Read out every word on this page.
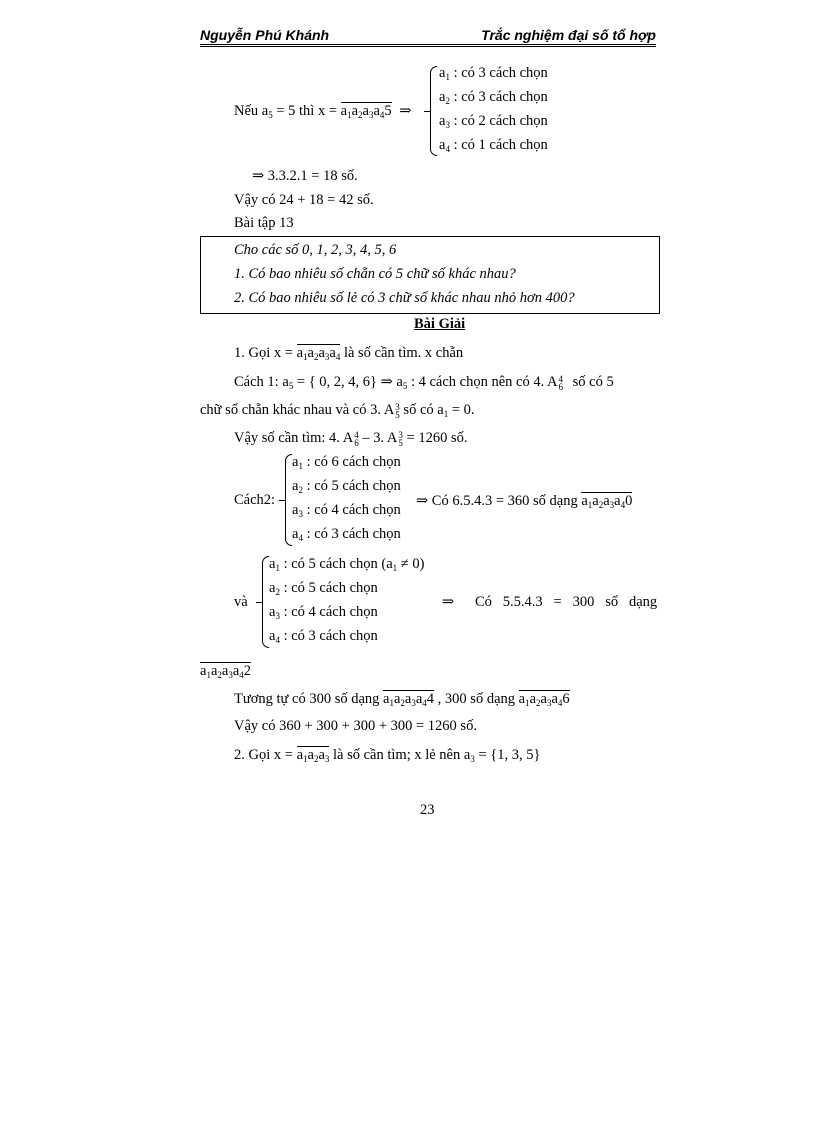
Nguyễn Phú Khánh	Trắc nghiệm đại số tổ hợp
Nếu $a_5 = 5$ thì $x = a_1a_2a_3a_45$ ⇒
$a_1$ : có 3 cách chọn
$a_2$ : có 3 cách chọn
$a_3$ : có 2 cách chọn
$a_4$ : có 1 cách chọn
⇒ 3.3.2.1 = 18 số.
Vậy có 24 + 18 = 42 số.
Bài tập 13
Cho các số 0, 1, 2, 3, 4, 5, 6
1. Có bao nhiêu số chẵn có 5 chữ số khác nhau?
2. Có bao nhiêu số lẻ có 3 chữ số khác nhau nhỏ hơn 400?
Bài Giải
1. Gọi $x = a_1a_2a_3a_4$ là số cần tìm. x chẵn
Cách 1: $a_5$ = { 0, 2, 4, 6} ⇒ $a_5$ : 4 cách chọn nên có 4. A 4
6 số có 5
chữ số chẵn khác nhau và có 3. A 3
5 số có $a_1 = 0$.
Vậy số cần tìm: 4. A 4
6 – 3. A 3
5 = 1260 số.
Cách2:
$a_1$ : có 6 cách chọn
$a_2$ : có 5 cách chọn
$a_3$ : có 4 cách chọn
$a_4$ : có 3 cách chọn
⇒ Có 6.5.4.3 = 360 số dạng $a_1a_2a_3a_40$
và
$a_1$ : có 5 cách chọn $(a_1 \ne 0)$
$a_2$ : có 5 cách chọn
$a_3$ : có 4 cách chọn
$a_4$ : có 3 cách chọn
⇒ Có   5.5.4.3   =   300   số   dạng
$a_1a_2a_3a_42$
Tương tự có 300 số dạng $a_1a_2a_3a_44$ , 300 số dạng $a_1a_2a_3a_46$
Vậy có 360 + 300 + 300 + 300 = 1260 số.
2. Gọi $x = a_1a_2a_3$ là số cần tìm; x lẻ nên $a_3 = \{1$, 3, 5}
23
